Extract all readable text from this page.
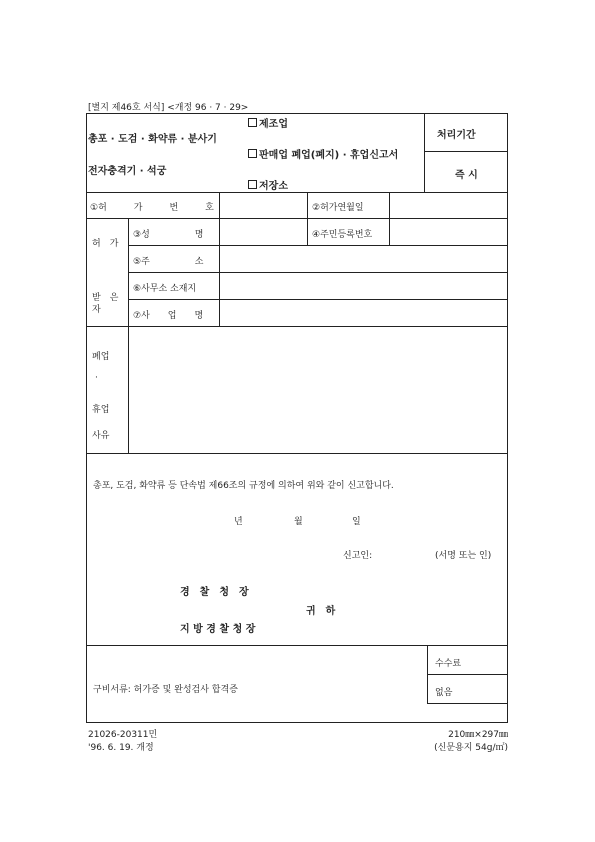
[별지 제46호 서식] <개정 96 · 7 · 29>
총포 · 도검 · 화약류 · 분사기
전자충격기 · 석궁
제조업
판매업 폐업(폐지) · 휴업신고서
저장소
처리기간
즉 시
①허　　　가　　　번　　　호	②허가연월일
허　가
받　은
자
③성　　　　　명	④주민등록번호
⑤주　　　　　소
⑥사무소 소재지
⑦사　　업　　명
폐업
·
휴업
사유
총포, 도검, 화약류 등 단속법 제66조의 규정에 의하여 위와 같이 신고합니다.
년	월	일
신고인:	(서명 또는 인)
경　찰　청　장
귀　하
지 방 경 찰 청 장
구비서류: 허가증 및 완성검사 합격증
수수료
없음
21026-20311민
'96. 6. 19. 개정
210㎜×297㎜
(신문용지 54g/㎡)
